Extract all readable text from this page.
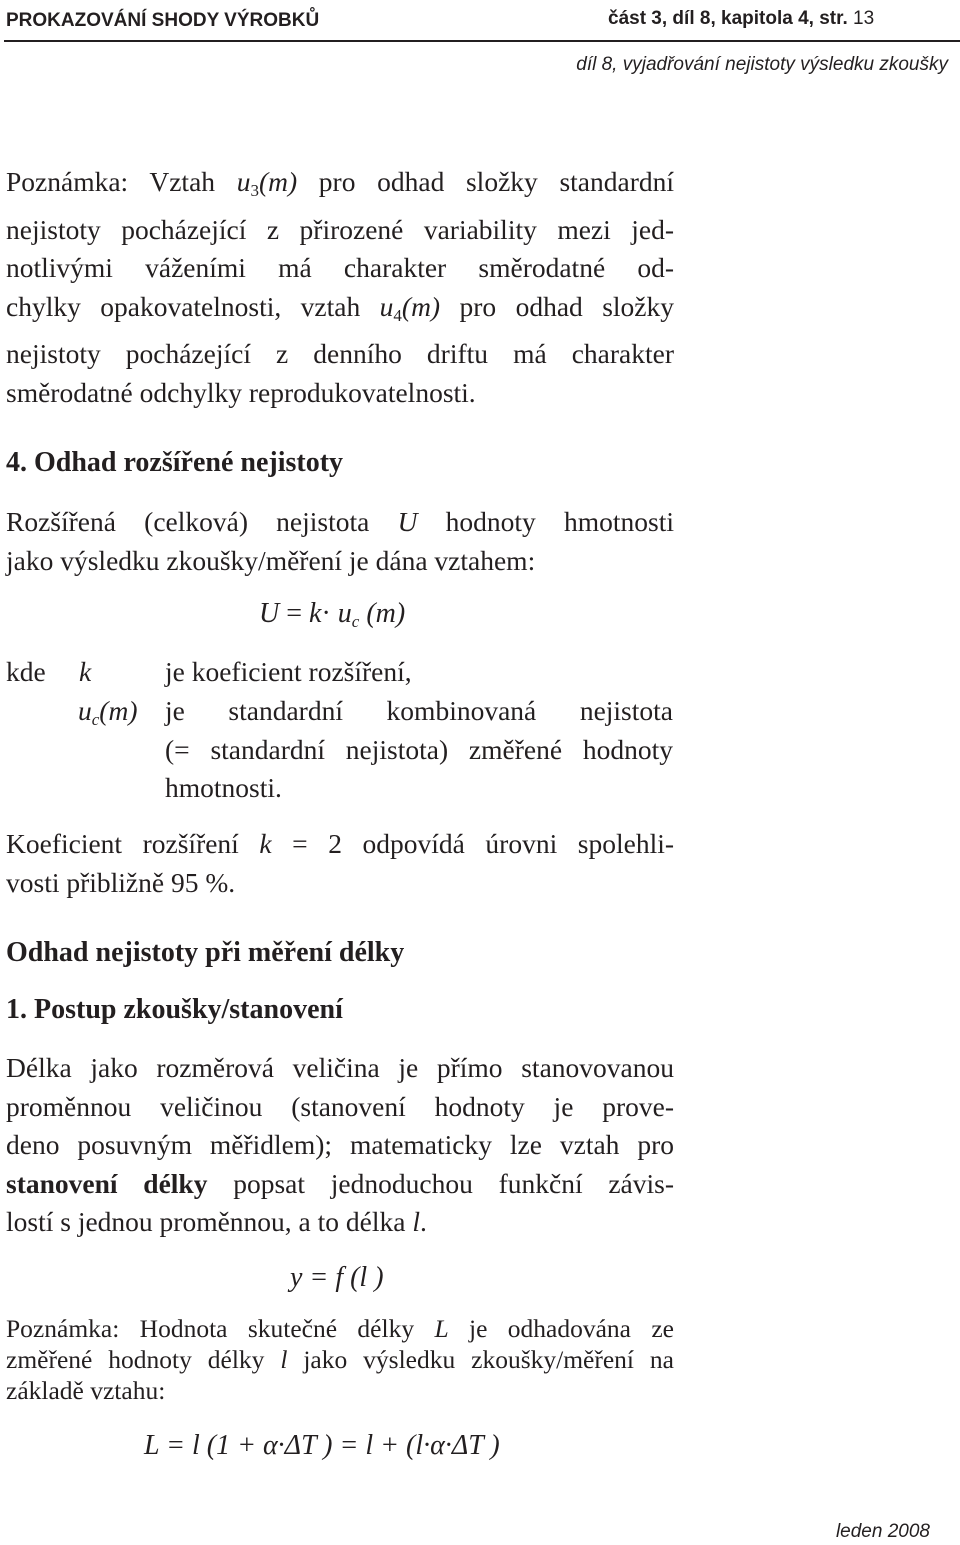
PROKAZOVÁNÍ SHODY VÝROBKŮ	část 3, díl 8, kapitola 4, str. 13
díl 8, vyjadřování nejistoty výsledku zkoušky
Poznámka: Vztah $u_3(m)$ pro odhad složky standardní
nejistoty pocházející z přirozené variability mezi jed-
notlivými váženími má charakter směrodatné od-
chylky opakovatelnosti, vztah $u_4(m)$ pro odhad složky
nejistoty pocházející z denního driftu má charakter
směrodatné odchylky reprodukovatelnosti.
4. Odhad rozšířené nejistoty
Rozšířená (celková) nejistota U hodnoty hmotnosti
jako výsledku zkoušky/měření je dána vztahem:
$U = k\cdot u_c$ (m)
kde k	je koeficient rozšíření,
$u_c(m)$ je standardní kombinovaná nejistota
(= standardní nejistota) změřené hodnoty
hmotnosti.
Koeficient rozšíření k = 2 odpovídá úrovni spolehli-
vosti přibližně 95 %.
Odhad nejistoty při měření délky
1. Postup zkoušky/stanovení
Délka jako rozměrová veličina je přímo stanovovanou
proměnnou veličinou (stanovení hodnoty je prove-
deno posuvným měřidlem); matematicky lze vztah pro
stanovení délky popsat jednoduchou funkční závis-
lostí s jednou proměnnou, a to délka l.
y = f (l )
Poznámka: Hodnota skutečné délky L je odhadována ze
změřené hodnoty délky l jako výsledku zkoušky/měření na
základě vztahu:
L = l (1 + α·ΔT ) = l + (l·α·ΔT )
leden 2008
